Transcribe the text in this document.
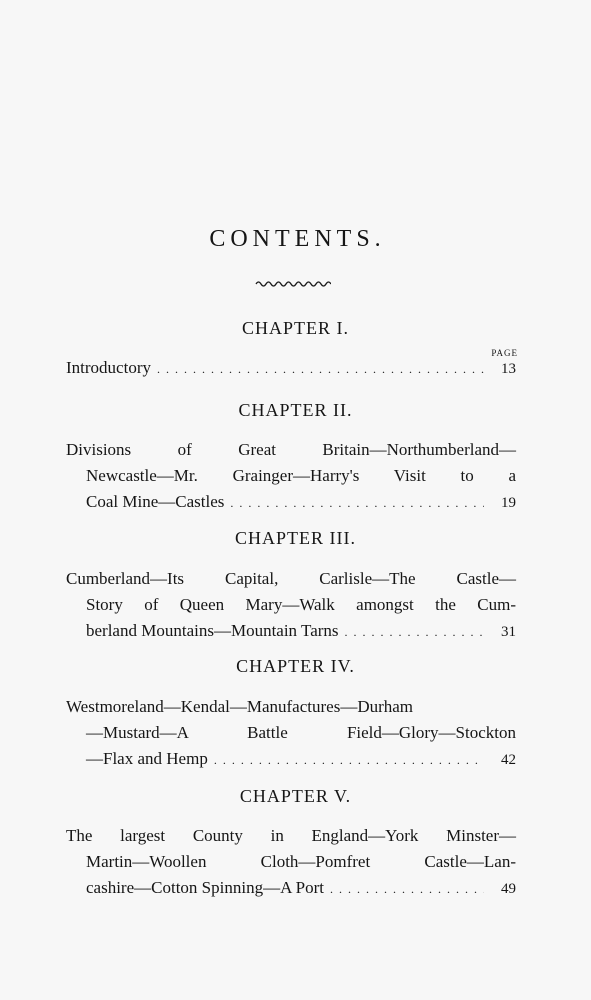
CONTENTS.
CHAPTER I.
PAGE
Introductory . . .	13
CHAPTER II.
Divisions of Great Britain—Northumberland—
Newcastle—Mr. Grainger—Harry's Visit to a
Coal Mine—Castles . . .	19
CHAPTER III.
Cumberland—Its Capital, Carlisle—The Castle—
Story of Queen Mary—Walk amongst the Cum-
berland Mountains—Mountain Tarns . . .	31
CHAPTER IV.
Westmoreland—Kendal—Manufactures—Durham
—Mustard—A Battle Field—Glory—Stockton
—Flax and Hemp . . .	42
CHAPTER V.
The largest County in England—York Minster—
Martin—Woollen Cloth—Pomfret Castle—Lan-
cashire—Cotton Spinning—A Port . . .	49
